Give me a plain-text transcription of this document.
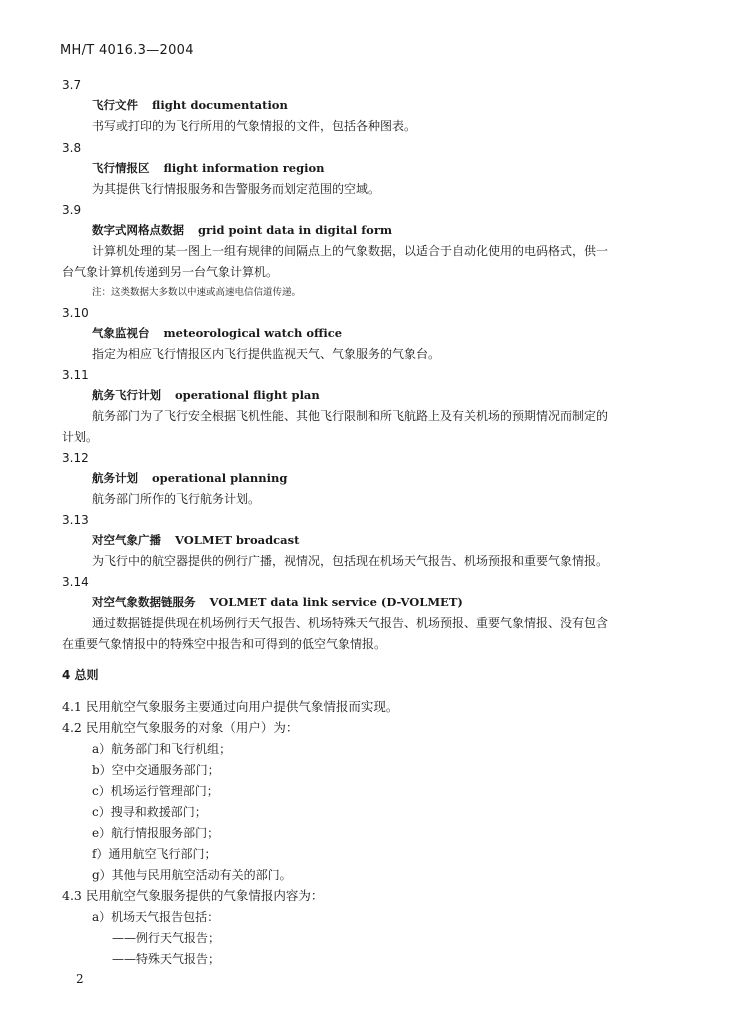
MH/T 4016.3—2004
3.7
飞行文件 flight documentation
书写或打印的为飞行所用的气象情报的文件，包括各种图表。
3.8
飞行情报区 flight information region
为其提供飞行情报服务和告警服务而划定范围的空域。
3.9
数字式网格点数据 grid point data in digital form
计算机处理的某一图上一组有规律的间隔点上的气象数据，以适合于自动化使用的电码格式，供一
台气象计算机传递到另一台气象计算机。
注：这类数据大多数以中速或高速电信信道传递。
3.10
气象监视台 meteorological watch office
指定为相应飞行情报区内飞行提供监视天气、气象服务的气象台。
3.11
航务飞行计划 operational flight plan
航务部门为了飞行安全根据飞机性能、其他飞行限制和所飞航路上及有关机场的预期情况而制定的
计划。
3.12
航务计划 operational planning
航务部门所作的飞行航务计划。
3.13
对空气象广播 VOLMET broadcast
为飞行中的航空器提供的例行广播，视情况，包括现在机场天气报告、机场预报和重要气象情报。
3.14
对空气象数据链服务 VOLMET data link service (D-VOLMET)
通过数据链提供现在机场例行天气报告、机场特殊天气报告、机场预报、重要气象情报、没有包含
在重要气象情报中的特殊空中报告和可得到的低空气象情报。
4 总则
4.1 民用航空气象服务主要通过向用户提供气象情报而实现。
4.2 民用航空气象服务的对象（用户）为：
a）航务部门和飞行机组；
b）空中交通服务部门；
c）机场运行管理部门；
c）搜寻和救援部门；
e）航行情报服务部门；
f）通用航空飞行部门；
g）其他与民用航空活动有关的部门。
4.3 民用航空气象服务提供的气象情报内容为：
a）机场天气报告包括：
——例行天气报告；
——特殊天气报告；
2
